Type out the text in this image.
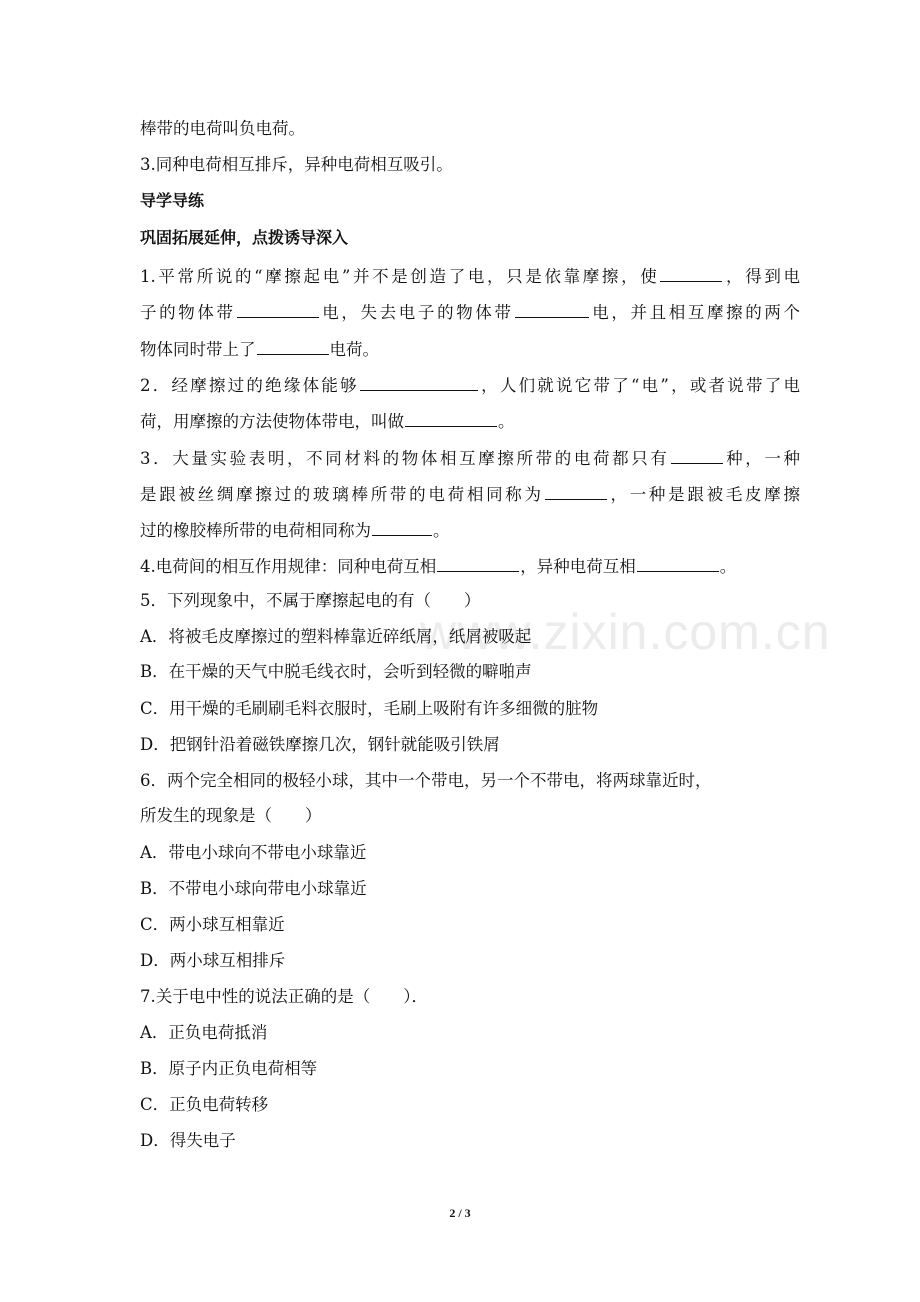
www.zixin.com.cn
棒带的电荷叫负电荷。
3.同种电荷相互排斥，异种电荷相互吸引。
导学导练
巩固拓展延伸，点拨诱导深入
1.平常所说的“摩擦起电”并不是创造了电，只是依靠摩擦，使	，得到电
子的物体带	电，失去电子的物体带	电，并且相互摩擦的两个
物体同时带上了	电荷。
2．经摩擦过的绝缘体能够	，人们就说它带了“电”，或者说带了电
荷，用摩擦的方法使物体带电，叫做	。
3．大量实验表明，不同材料的物体相互摩擦所带的电荷都只有	种，一种
是跟被丝绸摩擦过的玻璃棒所带的电荷相同称为	，一种是跟被毛皮摩擦
过的橡胶棒所带的电荷相同称为	。
4.电荷间的相互作用规律：同种电荷互相	，异种电荷互相	。
5．下列现象中，不属于摩擦起电的有（　　）
A．将被毛皮摩擦过的塑料棒靠近碎纸屑，纸屑被吸起
B．在干燥的天气中脱毛线衣时，会听到轻微的噼啪声
C．用干燥的毛刷刷毛料衣服时，毛刷上吸附有许多细微的脏物
D．把钢针沿着磁铁摩擦几次，钢针就能吸引铁屑
6．两个完全相同的极轻小球，其中一个带电，另一个不带电，将两球靠近时，
所发生的现象是（　　）
A．带电小球向不带电小球靠近
B．不带电小球向带电小球靠近
C．两小球互相靠近
D．两小球互相排斥
7.关于电中性的说法正确的是（　　）．
A．正负电荷抵消
B．原子内正负电荷相等
C．正负电荷转移
D．得失电子
2 / 3
